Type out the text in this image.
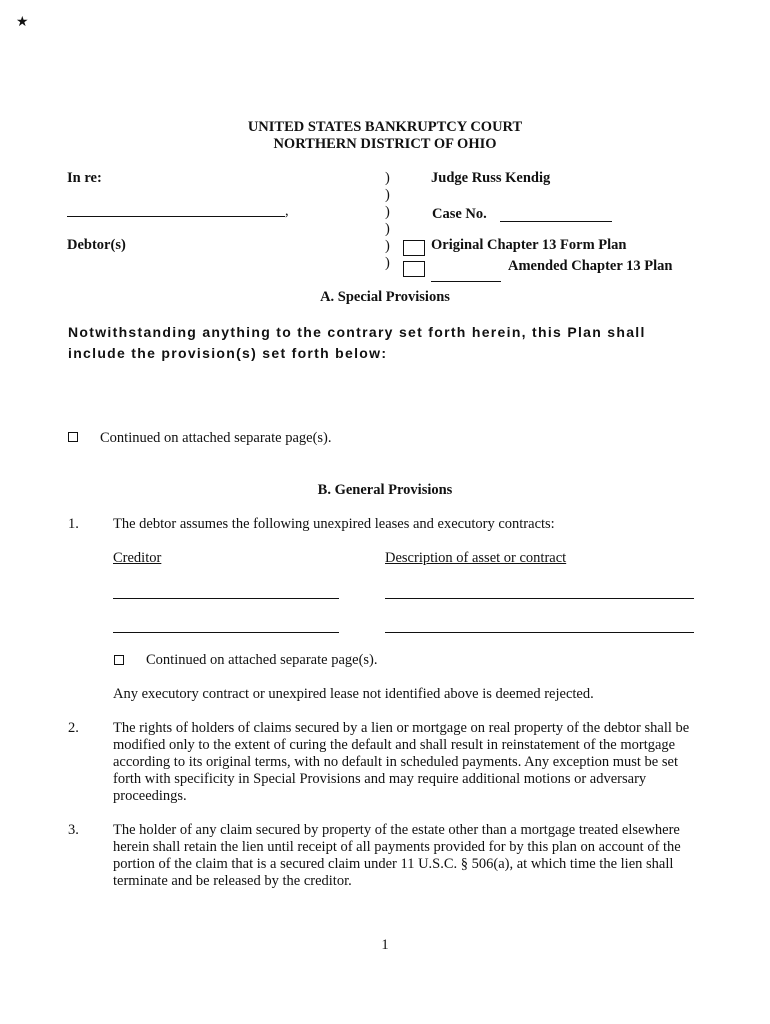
★
UNITED STATES BANKRUPTCY COURT
NORTHERN DISTRICT OF OHIO
In re:
,
Debtor(s)
)
)
)
)
)
)
Judge Russ Kendig
Case No.
Original Chapter 13 Form Plan
Amended Chapter 13 Plan
A. Special Provisions
Notwithstanding anything to the contrary set forth herein, this Plan shall include the provision(s) set forth below:
Continued on attached separate page(s).
B. General Provisions
1. The debtor assumes the following unexpired leases and executory contracts:
Creditor	Description of asset or contract
Continued on attached separate page(s).
Any executory contract or unexpired lease not identified above is deemed rejected.
2. The rights of holders of claims secured by a lien or mortgage on real property of the debtor shall be modified only to the extent of curing the default and shall result in reinstatement of the mortgage according to its original terms, with no default in scheduled payments. Any exception must be set forth with specificity in Special Provisions and may require additional motions or adversary proceedings.
3. The holder of any claim secured by property of the estate other than a mortgage treated elsewhere herein shall retain the lien until receipt of all payments provided for by this plan on account of the portion of the claim that is a secured claim under 11 U.S.C. § 506(a), at which time the lien shall terminate and be released by the creditor.
1
